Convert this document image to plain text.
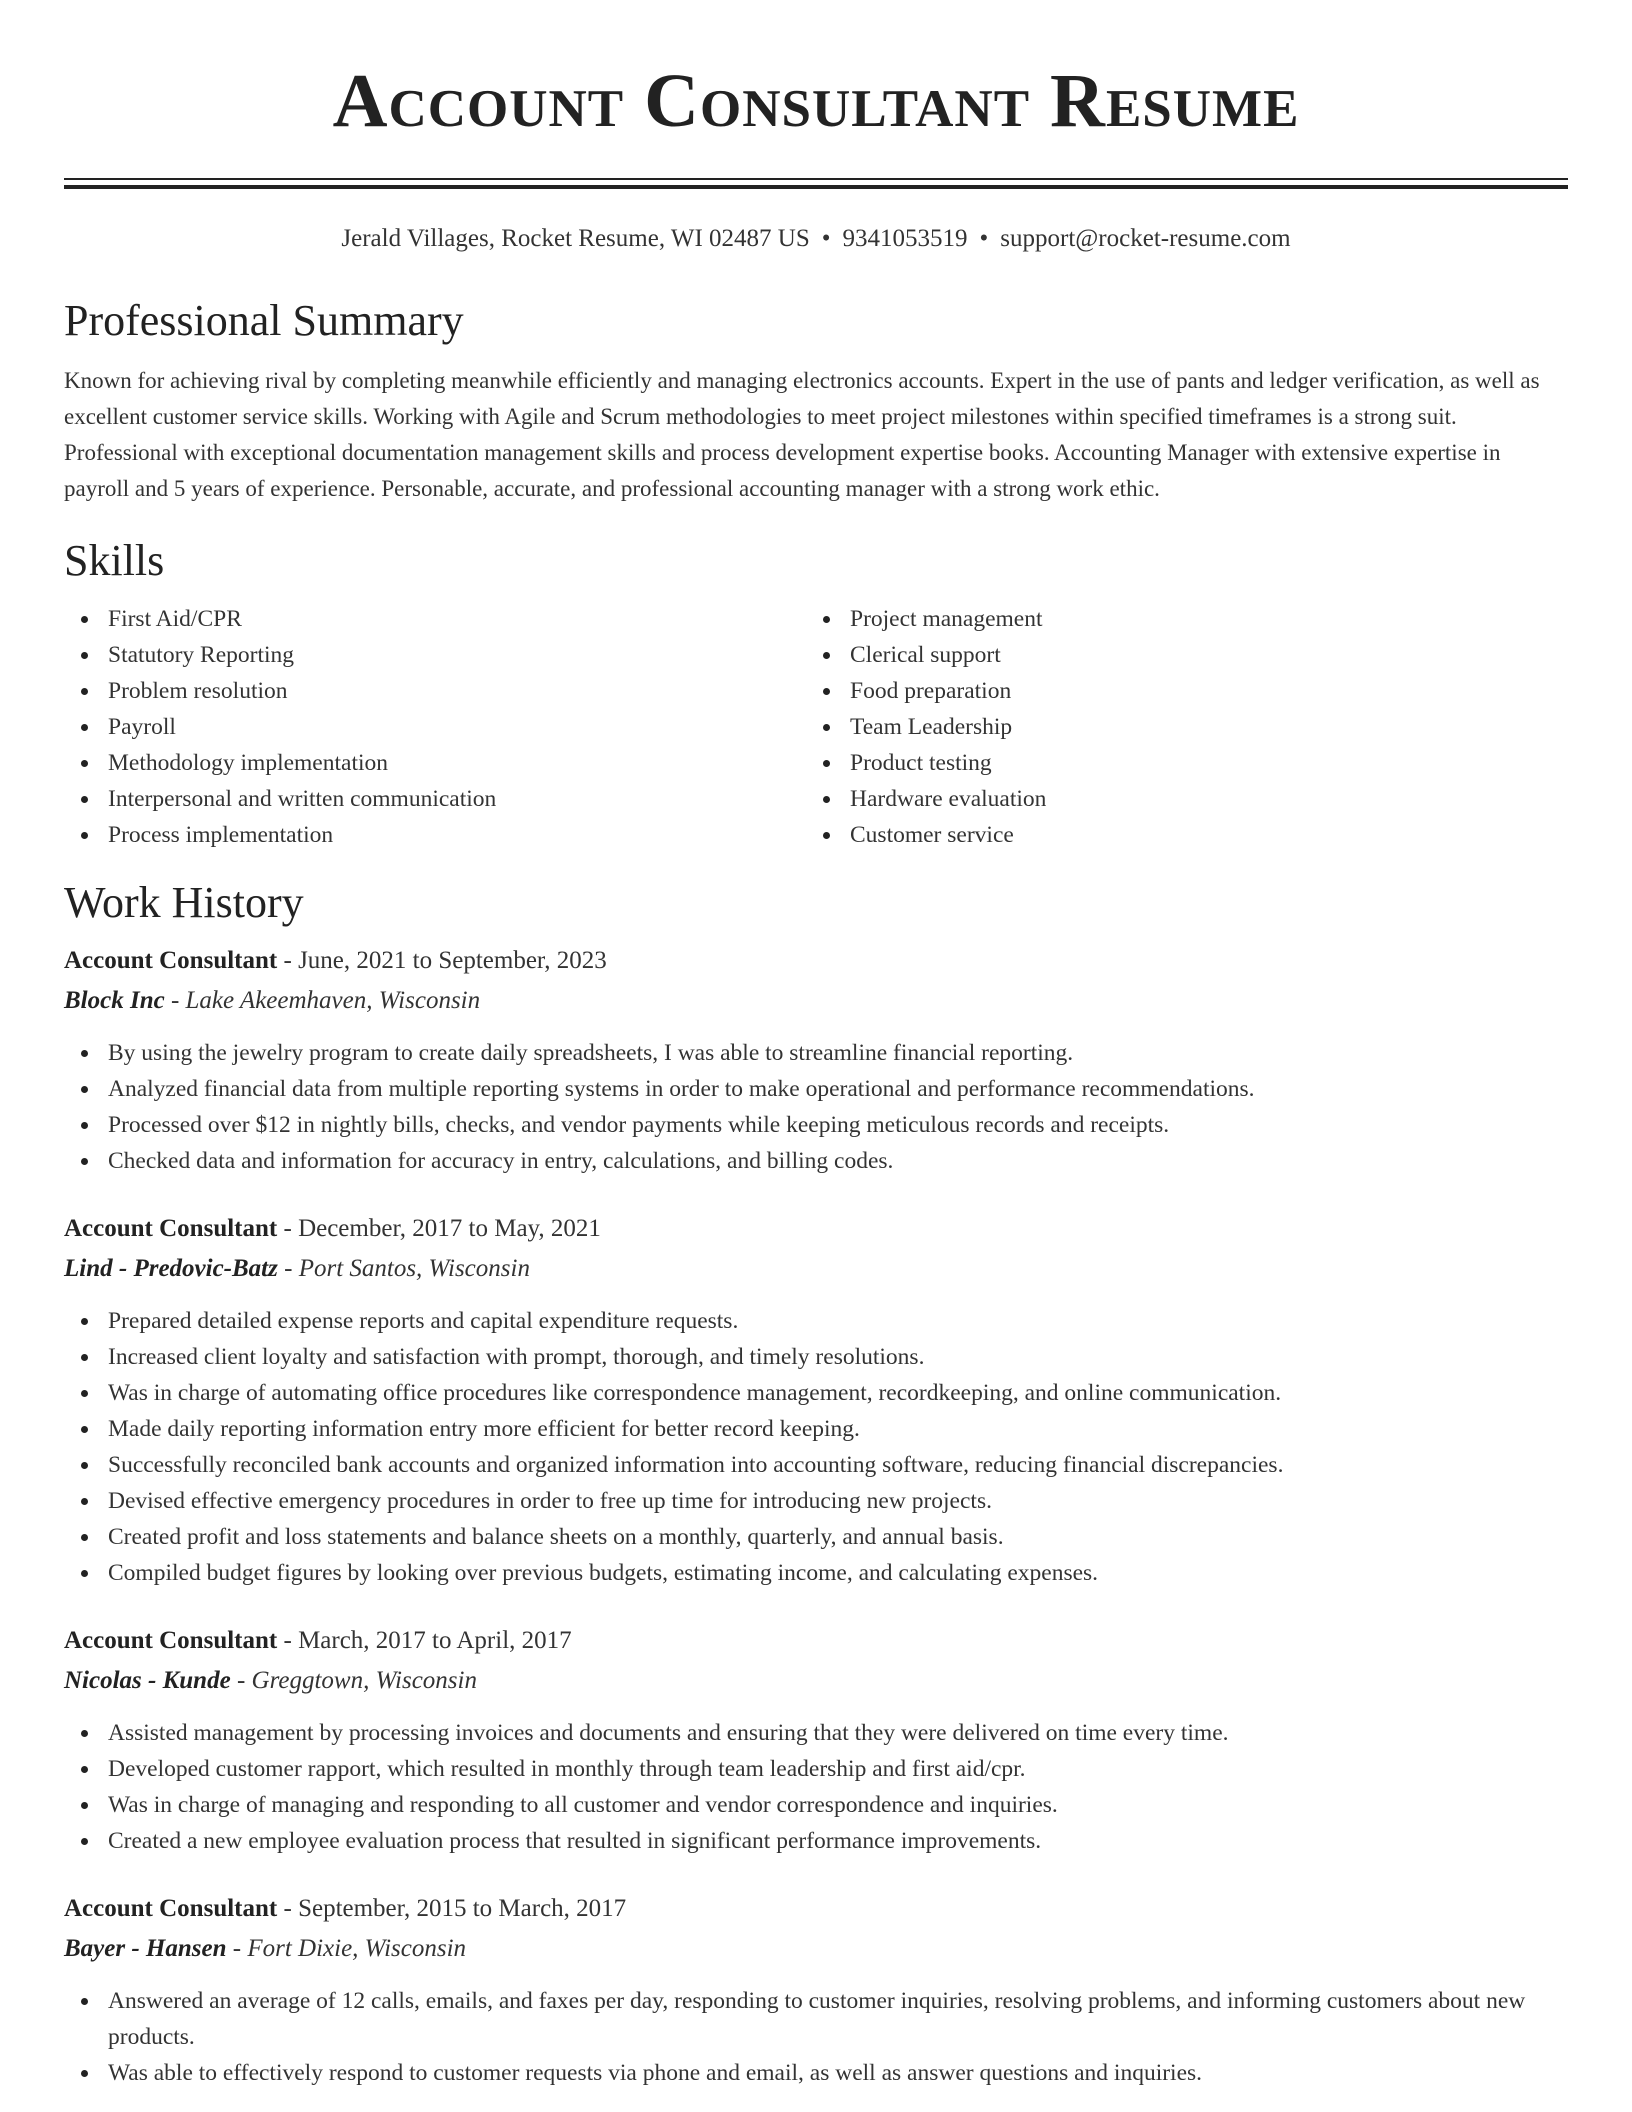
Account Consultant Resume
Jerald Villages, Rocket Resume, WI 02487 US • 9341053519 • support@rocket-resume.com
Professional Summary

Known for achieving rival by completing meanwhile efficiently and managing electronics accounts. Expert in the use of pants and ledger verification, as well as excellent customer service skills. Working with Agile and Scrum methodologies to meet project milestones within specified timeframes is a strong suit. Professional with exceptional documentation management skills and process development expertise books. Accounting Manager with extensive expertise in payroll and 5 years of experience. Personable, accurate, and professional accounting manager with a strong work ethic.

Skills
First Aid/CPR
Statutory Reporting
Problem resolution
Payroll
Methodology implementation
Interpersonal and written communication
Process implementation
Project management
Clerical support
Food preparation
Team Leadership
Product testing
Hardware evaluation
Customer service
Work History
Account Consultant - June, 2021 to September, 2023
Block Inc - Lake Akeemhaven, Wisconsin
By using the jewelry program to create daily spreadsheets, I was able to streamline financial reporting.
Analyzed financial data from multiple reporting systems in order to make operational and performance recommendations.
Processed over $12 in nightly bills, checks, and vendor payments while keeping meticulous records and receipts.
Checked data and information for accuracy in entry, calculations, and billing codes.
Account Consultant - December, 2017 to May, 2021
Lind - Predovic-Batz - Port Santos, Wisconsin
Prepared detailed expense reports and capital expenditure requests.
Increased client loyalty and satisfaction with prompt, thorough, and timely resolutions.
Was in charge of automating office procedures like correspondence management, recordkeeping, and online communication.
Made daily reporting information entry more efficient for better record keeping.
Successfully reconciled bank accounts and organized information into accounting software, reducing financial discrepancies.
Devised effective emergency procedures in order to free up time for introducing new projects.
Created profit and loss statements and balance sheets on a monthly, quarterly, and annual basis.
Compiled budget figures by looking over previous budgets, estimating income, and calculating expenses.
Account Consultant - March, 2017 to April, 2017
Nicolas - Kunde - Greggtown, Wisconsin
Assisted management by processing invoices and documents and ensuring that they were delivered on time every time.
Developed customer rapport, which resulted in monthly through team leadership and first aid/cpr.
Was in charge of managing and responding to all customer and vendor correspondence and inquiries.
Created a new employee evaluation process that resulted in significant performance improvements.
Account Consultant - September, 2015 to March, 2017
Bayer - Hansen - Fort Dixie, Wisconsin
Answered an average of 12 calls, emails, and faxes per day, responding to customer inquiries, resolving problems, and informing customers about new products.
Was able to effectively respond to customer requests via phone and email, as well as answer questions and inquiries.
